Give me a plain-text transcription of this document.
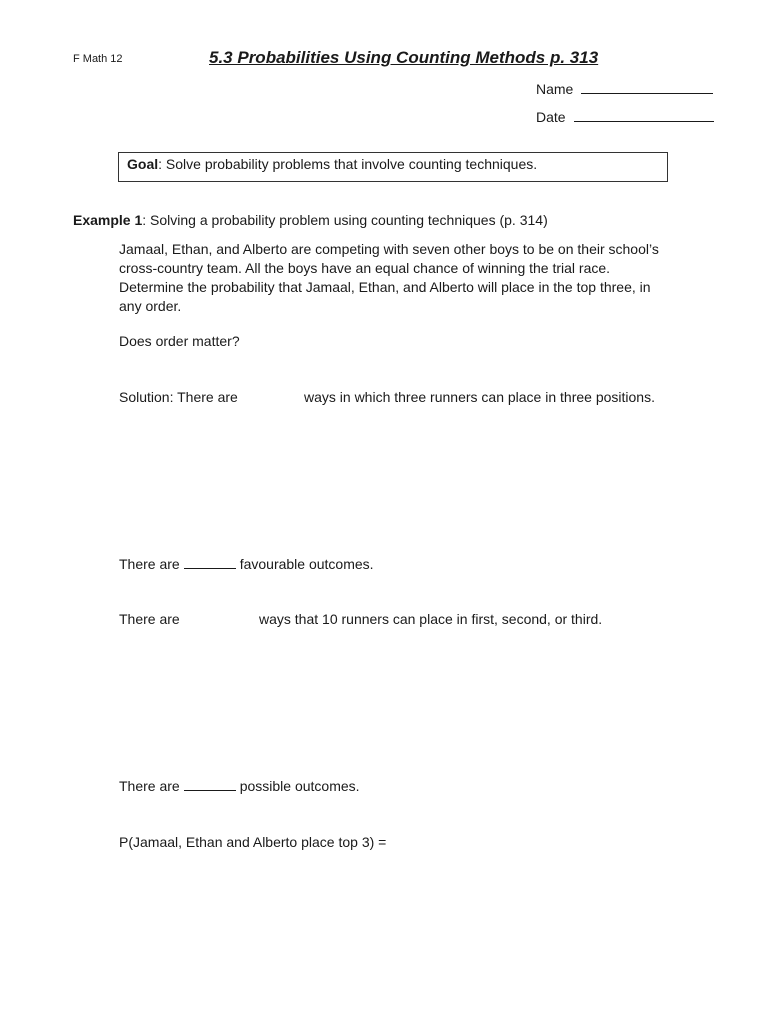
F Math 12	5.3 Probabilities Using Counting Methods p. 313
Name
Date
Goal: Solve probability problems that involve counting techniques.
Example 1: Solving a probability problem using counting techniques (p. 314)
Jamaal, Ethan, and Alberto are competing with seven other boys to be on their school’s
cross-country team. All the boys have an equal chance of winning the trial race.
Determine the probability that Jamaal, Ethan, and Alberto will place in the top three, in
any order.
Does order matter?
Solution: There are	ways in which three runners can place in three positions.
There are	favourable outcomes.
There are	ways that 10 runners can place in first, second, or third.
There are	possible outcomes.
P(Jamaal, Ethan and Alberto place top 3) =
